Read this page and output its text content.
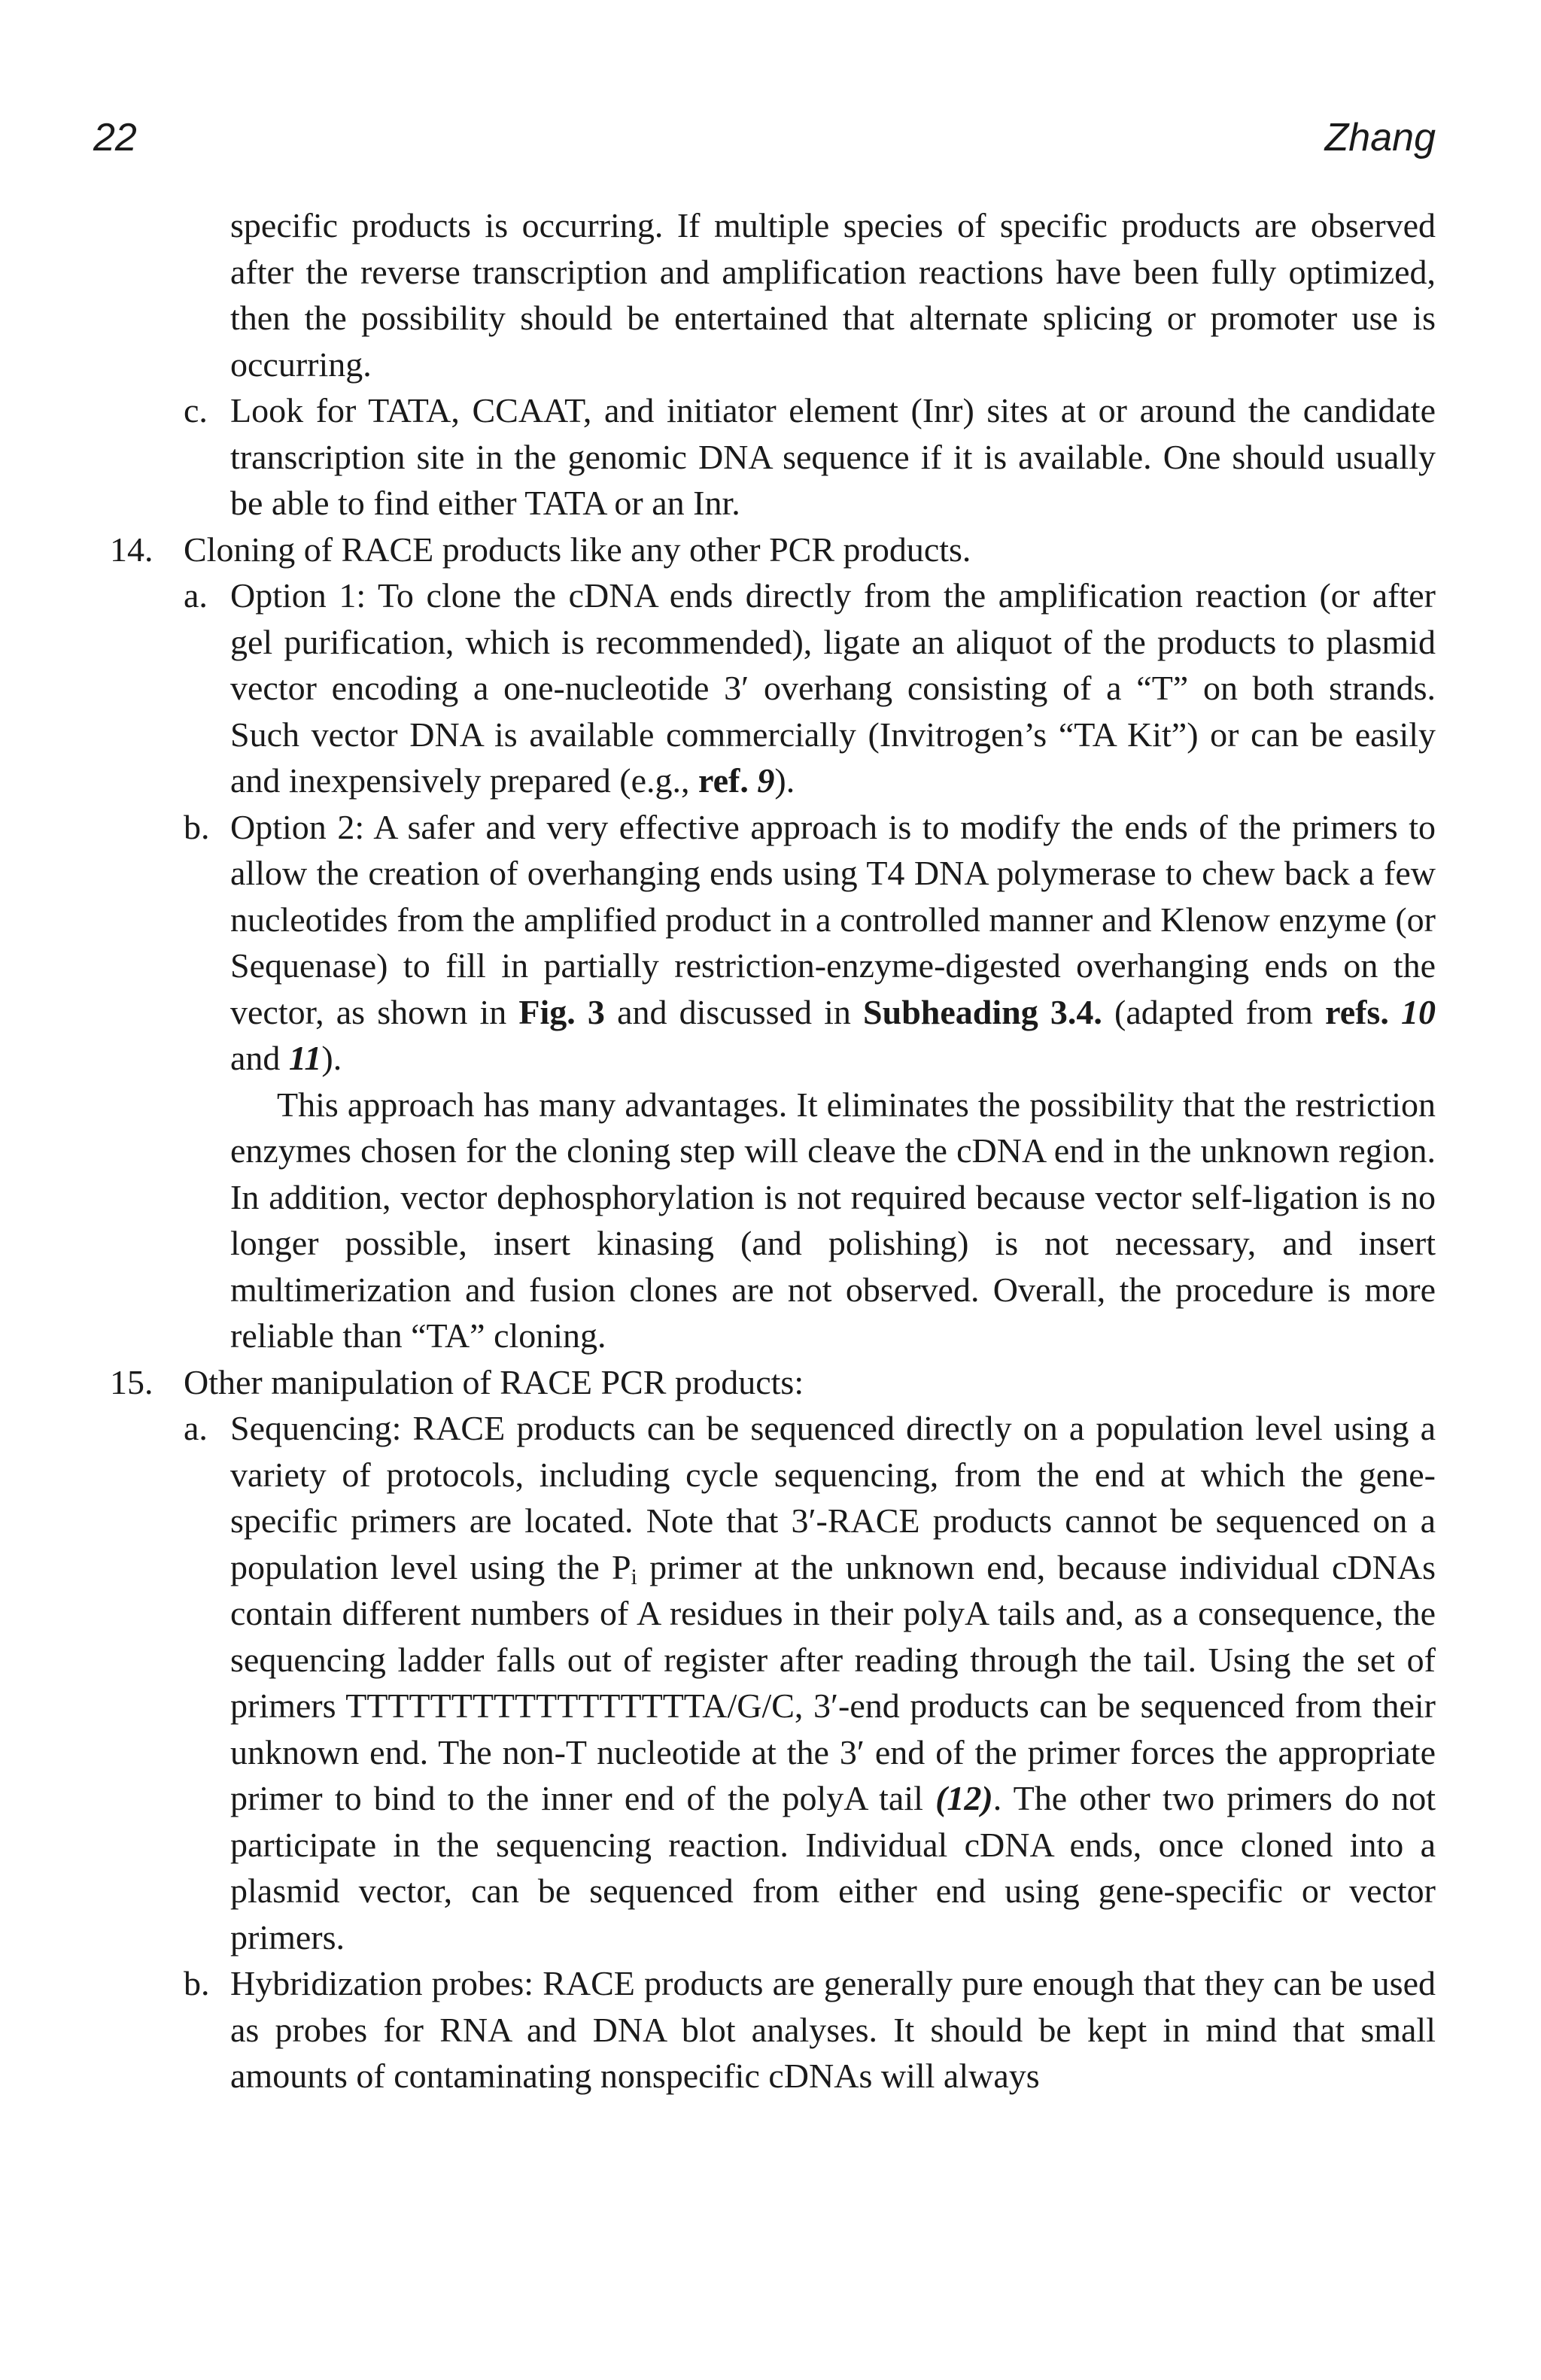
22	Zhang

specific products is occurring. If multiple species of specific products are observed after the reverse transcription and amplification reactions have been fully optimized, then the possibility should be entertained that alternate splicing or promoter use is occurring.

c. Look for TATA, CCAAT, and initiator element (Inr) sites at or around the candidate transcription site in the genomic DNA sequence if it is available. One should usually be able to find either TATA or an Inr.

14. Cloning of RACE products like any other PCR products.

a. Option 1: To clone the cDNA ends directly from the amplification reaction (or after gel purification, which is recommended), ligate an aliquot of the products to plasmid vector encoding a one-nucleotide 3′ overhang consisting of a “T” on both strands. Such vector DNA is available commercially (Invitrogen’s “TA Kit”) or can be easily and inexpensively prepared (e.g., ref. 9).

b. Option 2: A safer and very effective approach is to modify the ends of the primers to allow the creation of overhanging ends using T4 DNA polymerase to chew back a few nucleotides from the amplified product in a controlled manner and Klenow enzyme (or Sequenase) to fill in partially restriction-enzyme-digested overhanging ends on the vector, as shown in Fig. 3 and discussed in Subheading 3.4. (adapted from refs. 10 and 11).

This approach has many advantages. It eliminates the possibility that the restriction enzymes chosen for the cloning step will cleave the cDNA end in the unknown region. In addition, vector dephosphorylation is not required because vector self-ligation is no longer possible, insert kinasing (and polishing) is not necessary, and insert multimerization and fusion clones are not observed. Overall, the procedure is more reliable than “TA” cloning.

15. Other manipulation of RACE PCR products:

a. Sequencing: RACE products can be sequenced directly on a population level using a variety of protocols, including cycle sequencing, from the end at which the gene-specific primers are located. Note that 3′-RACE products cannot be sequenced on a population level using the $P_i$ primer at the unknown end, because individual cDNAs contain different numbers of A residues in their polyA tails and, as a consequence, the sequencing ladder falls out of register after reading through the tail. Using the set of primers TTTTTTTTTTTTTTTTTA/G/C, 3′-end products can be sequenced from their unknown end. The non-T nucleotide at the 3′ end of the primer forces the appropriate primer to bind to the inner end of the polyA tail (12). The other two primers do not participate in the sequencing reaction. Individual cDNA ends, once cloned into a plasmid vector, can be sequenced from either end using gene-specific or vector primers.

b. Hybridization probes: RACE products are generally pure enough that they can be used as probes for RNA and DNA blot analyses. It should be kept in mind that small amounts of contaminating nonspecific cDNAs will always
